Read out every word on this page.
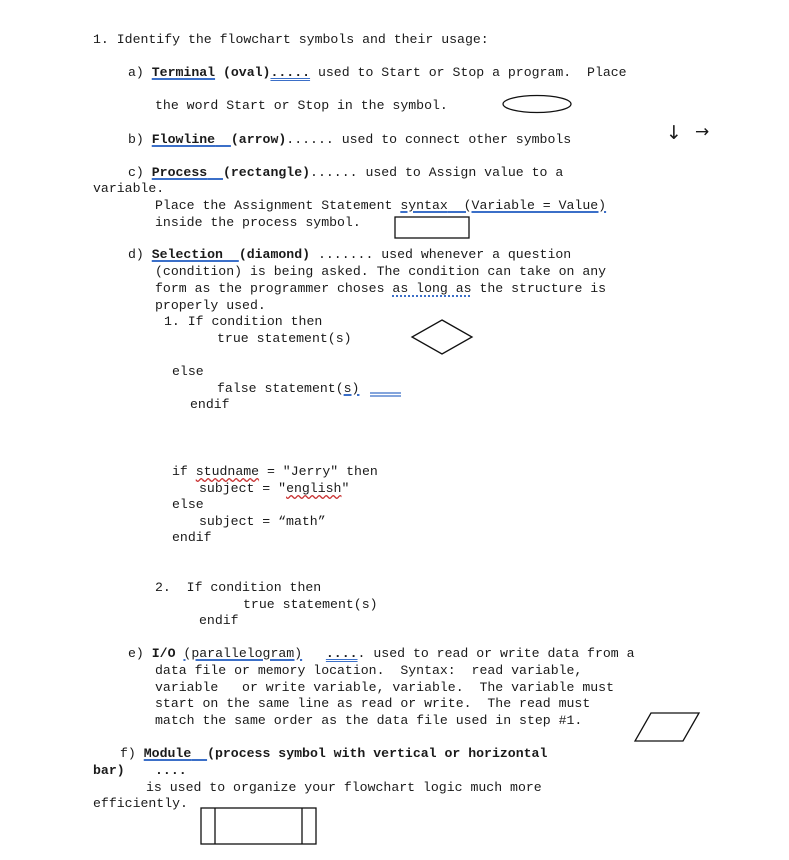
1. Identify the flowchart symbols and their usage:
a) Terminal (oval)..... used to Start or Stop a program.  Place
the word Start or Stop in the symbol.
b) Flowline (arrow)...... used to connect other symbols	↓ →
c) Process (rectangle)...... used to Assign value to a
variable.
Place the Assignment Statement syntax  (Variable = Value)
inside the process symbol.
d) Selection (diamond) ....... used whenever a question
(condition) is being asked. The condition can take on any
form as the programmer choses as long as the structure is
properly used.
1. If condition then
true statement(s)
else
false statement(s)
endif
if studname = "Jerry" then
subject = "english"
else
subject = “math”
endif
2.  If condition then
true statement(s)
endif
e) I/O (parallelogram) ..... used to read or write data from a
data file or memory location.  Syntax:  read variable,
variable   or write variable, variable.  The variable must
start on the same line as read or write.  The read must
match the same order as the data file used in step #1.
f) Module (process symbol with vertical or horizontal
bar) ....
is used to organize your flowchart logic much more
efficiently.
